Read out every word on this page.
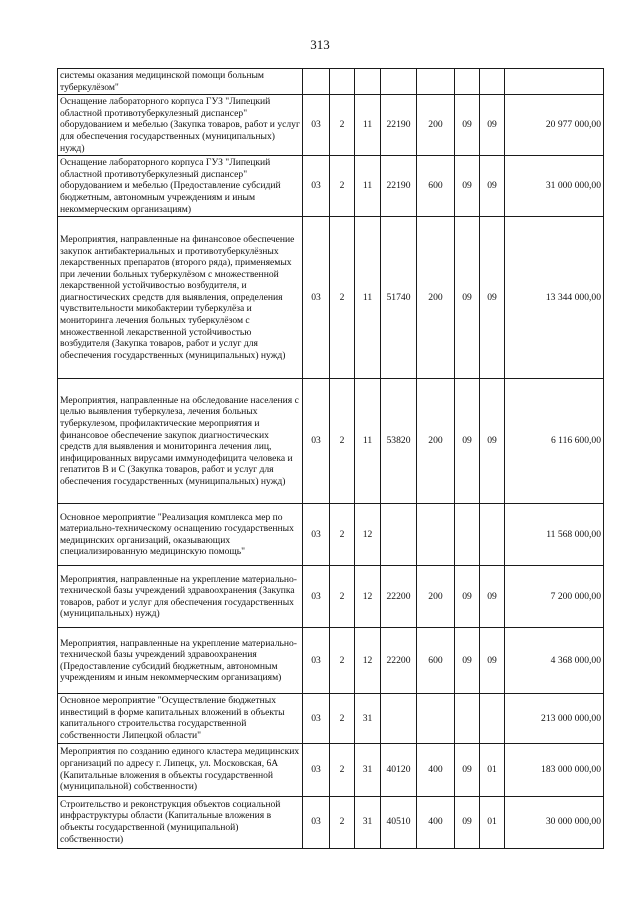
313
системы оказания медицинской помощи больным туберкулёзом"								
Оснащение лабораторного корпуса ГУЗ "Липецкий областной противотуберкулезный диспансер" оборудованием и мебелью (Закупка товаров, работ и услуг для обеспечения государственных (муниципальных) нужд)	03	2	11	22190	200	09	09	20 977 000,00
Оснащение лабораторного корпуса ГУЗ "Липецкий областной противотуберкулезный диспансер" оборудованием и мебелью (Предоставление субсидий бюджетным, автономным учреждениям и иным некоммерческим организациям)	03	2	11	22190	600	09	09	31 000 000,00
Мероприятия, направленные на финансовое обеспечение закупок антибактериальных и противотуберкулёзных лекарственных препаратов (второго ряда), применяемых при лечении больных туберкулёзом с множественной лекарственной устойчивостью возбудителя, и диагностических средств для выявления, определения чувствительности микобактерии туберкулёза и мониторинга лечения больных туберкулёзом с множественной лекарственной устойчивостью возбудителя (Закупка товаров, работ и услуг для обеспечения государственных (муниципальных) нужд)	03	2	11	51740	200	09	09	13 344 000,00
Мероприятия, направленные на обследование населения с целью выявления туберкулеза, лечения больных туберкулезом, профилактические мероприятия и финансовое обеспечение закупок диагностических средств для выявления и мониторинга лечения лиц, инфицированных вирусами иммунодефицита человека и гепатитов B и C (Закупка товаров, работ и услуг для обеспечения государственных (муниципальных) нужд)	03	2	11	53820	200	09	09	6 116 600,00
Основное мероприятие "Реализация комплекса мер по материально-техническому оснащению государственных медицинских организаций, оказывающих специализированную медицинскую помощь"	03	2	12					11 568 000,00
Мероприятия, направленные на укрепление материально-технической базы учреждений здравоохранения (Закупка товаров, работ и услуг для обеспечения государственных (муниципальных) нужд)	03	2	12	22200	200	09	09	7 200 000,00
Мероприятия, направленные на укрепление материально-технической базы учреждений здравоохранения (Предоставление субсидий бюджетным, автономным учреждениям и иным некоммерческим организациям)	03	2	12	22200	600	09	09	4 368 000,00
Основное мероприятие "Осуществление бюджетных инвестиций в форме капитальных вложений в объекты капитального строительства государственной собственности Липецкой области"	03	2	31					213 000 000,00
Мероприятия по созданию единого кластера медицинских организаций по адресу г. Липецк, ул. Московская, 6А (Капитальные вложения в объекты государственной (муниципальной) собственности)	03	2	31	40120	400	09	01	183 000 000,00
Строительство и реконструкция объектов социальной инфраструктуры области (Капитальные вложения в объекты государственной (муниципальной) собственности)	03	2	31	40510	400	09	01	30 000 000,00
